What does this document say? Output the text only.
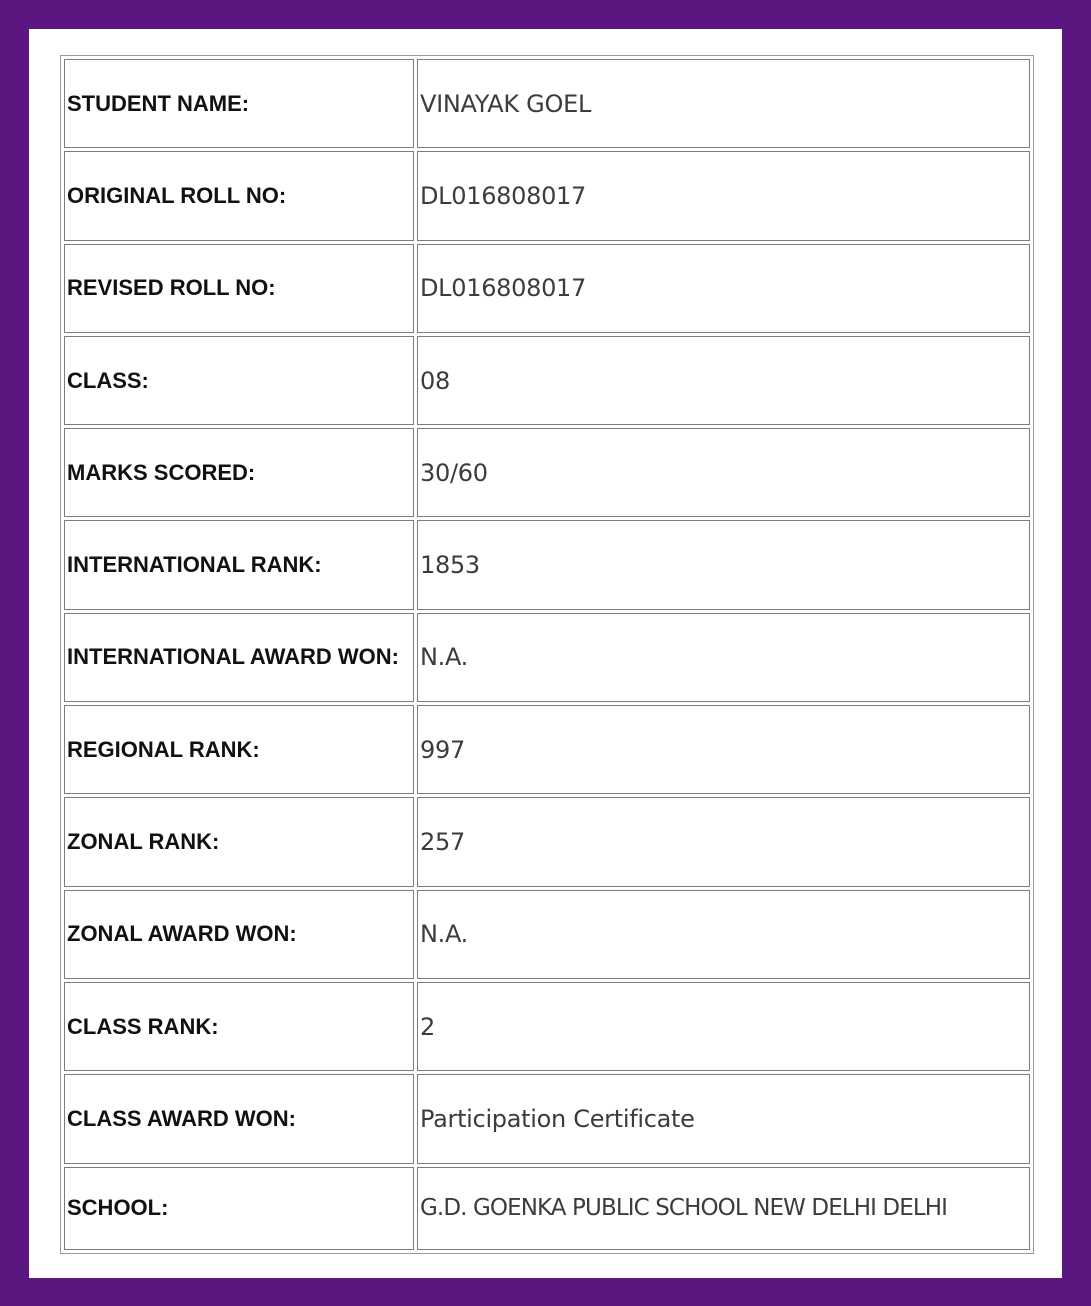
STUDENT NAME:	VINAYAK GOEL
ORIGINAL ROLL NO:	DL016808017
REVISED ROLL NO:	DL016808017
CLASS:	08
MARKS SCORED:	30/60
INTERNATIONAL RANK:	1853
INTERNATIONAL AWARD WON:	N.A.
REGIONAL RANK:	997
ZONAL RANK:	257
ZONAL AWARD WON:	N.A.
CLASS RANK:	2
CLASS AWARD WON:	Participation Certificate
SCHOOL:	G.D. GOENKA PUBLIC SCHOOL NEW DELHI DELHI
